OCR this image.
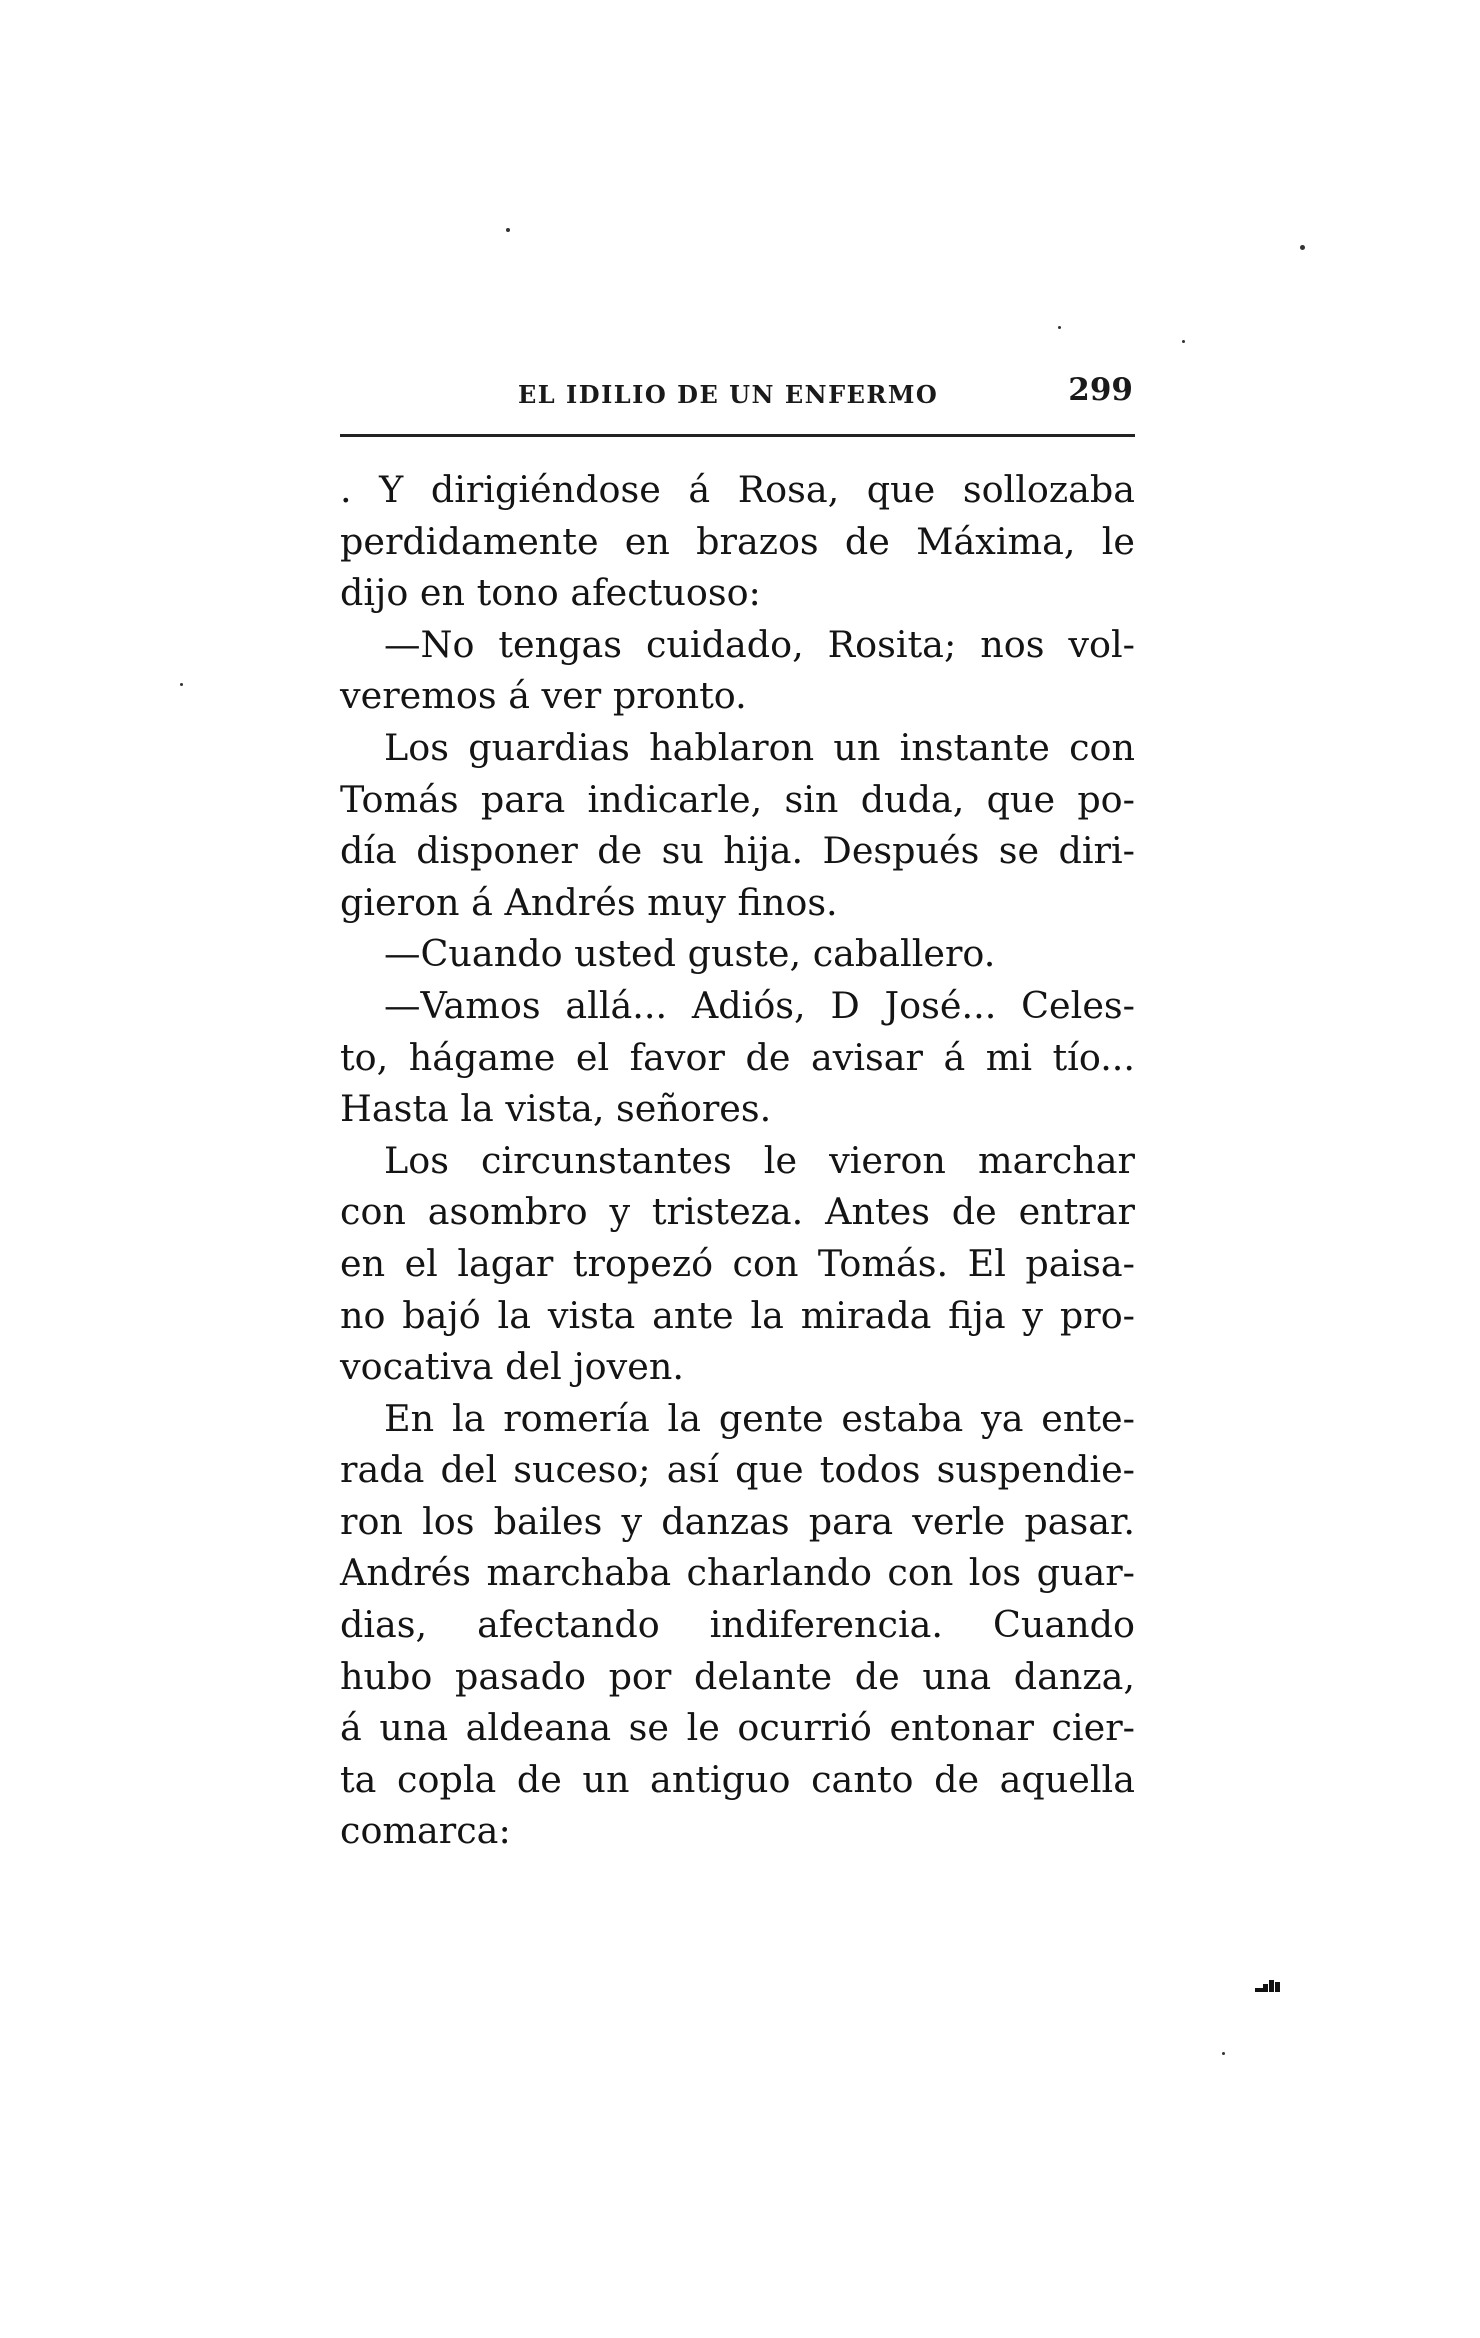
EL IDILIO DE UN ENFERMO	299
. Y dirigiéndose á Rosa, que sollozaba
perdidamente en brazos de Máxima, le
dijo en tono afectuoso:
—No tengas cuidado, Rosita; nos vol-
veremos á ver pronto.
Los guardias hablaron un instante con
Tomás para indicarle, sin duda, que po-
día disponer de su hija. Después se diri-
gieron á Andrés muy finos.
—Cuando usted guste, caballero.
—Vamos allá... Adiós, D José... Celes-
to, hágame el favor de avisar á mi tío...
Hasta la vista, señores.
Los circunstantes le vieron marchar
con asombro y tristeza. Antes de entrar
en el lagar tropezó con Tomás. El paisa-
no bajó la vista ante la mirada fija y pro-
vocativa del joven.
En la romería la gente estaba ya ente-
rada del suceso; así que todos suspendie-
ron los bailes y danzas para verle pasar.
Andrés marchaba charlando con los guar-
dias, afectando indiferencia. Cuando
hubo pasado por delante de una danza,
á una aldeana se le ocurrió entonar cier-
ta copla de un antiguo canto de aquella
comarca:
